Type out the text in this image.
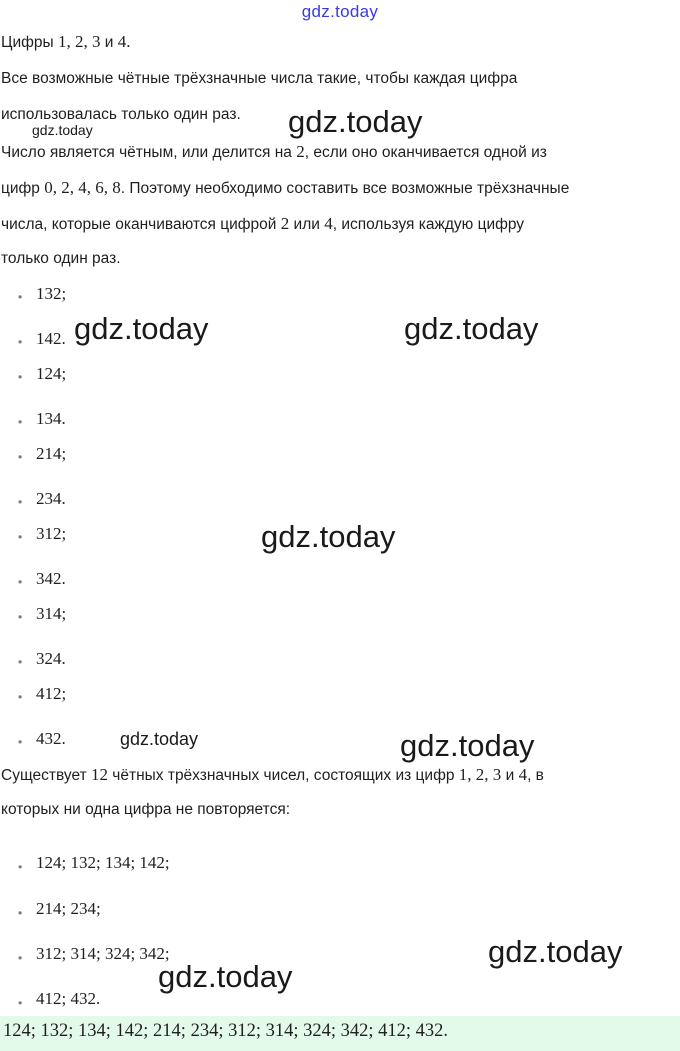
gdz.today
Цифры 1, 2, 3 и 4.
Все возможные чётные трёхзначные числа такие, чтобы каждая цифра
использовалась только один раз.
Число является чётным, или делится на 2, если оно оканчивается одной из
цифр 0, 2, 4, 6, 8. Поэтому необходимо составить все возможные трёхзначные
числа, которые оканчиваются цифрой 2 или 4, используя каждую цифру
только один раз.
• 132;
• 142.
• 124;
• 134.
• 214;
• 234.
• 312;
• 342.
• 314;
• 324.
• 412;
• 432.
Существует 12 чётных трёхзначных чисел, состоящих из цифр 1, 2, 3 и 4, в
которых ни одна цифра не повторяется:
• 124; 132; 134; 142;
• 214; 234;
• 312; 314; 324; 342;
• 412; 432.
124; 132; 134; 142; 214; 234; 312; 314; 324; 342; 412; 432.
gdz.today
gdz.today
gdz.today	gdz.today
gdz.today
gdz.today	gdz.today
gdz.today
gdz.today
